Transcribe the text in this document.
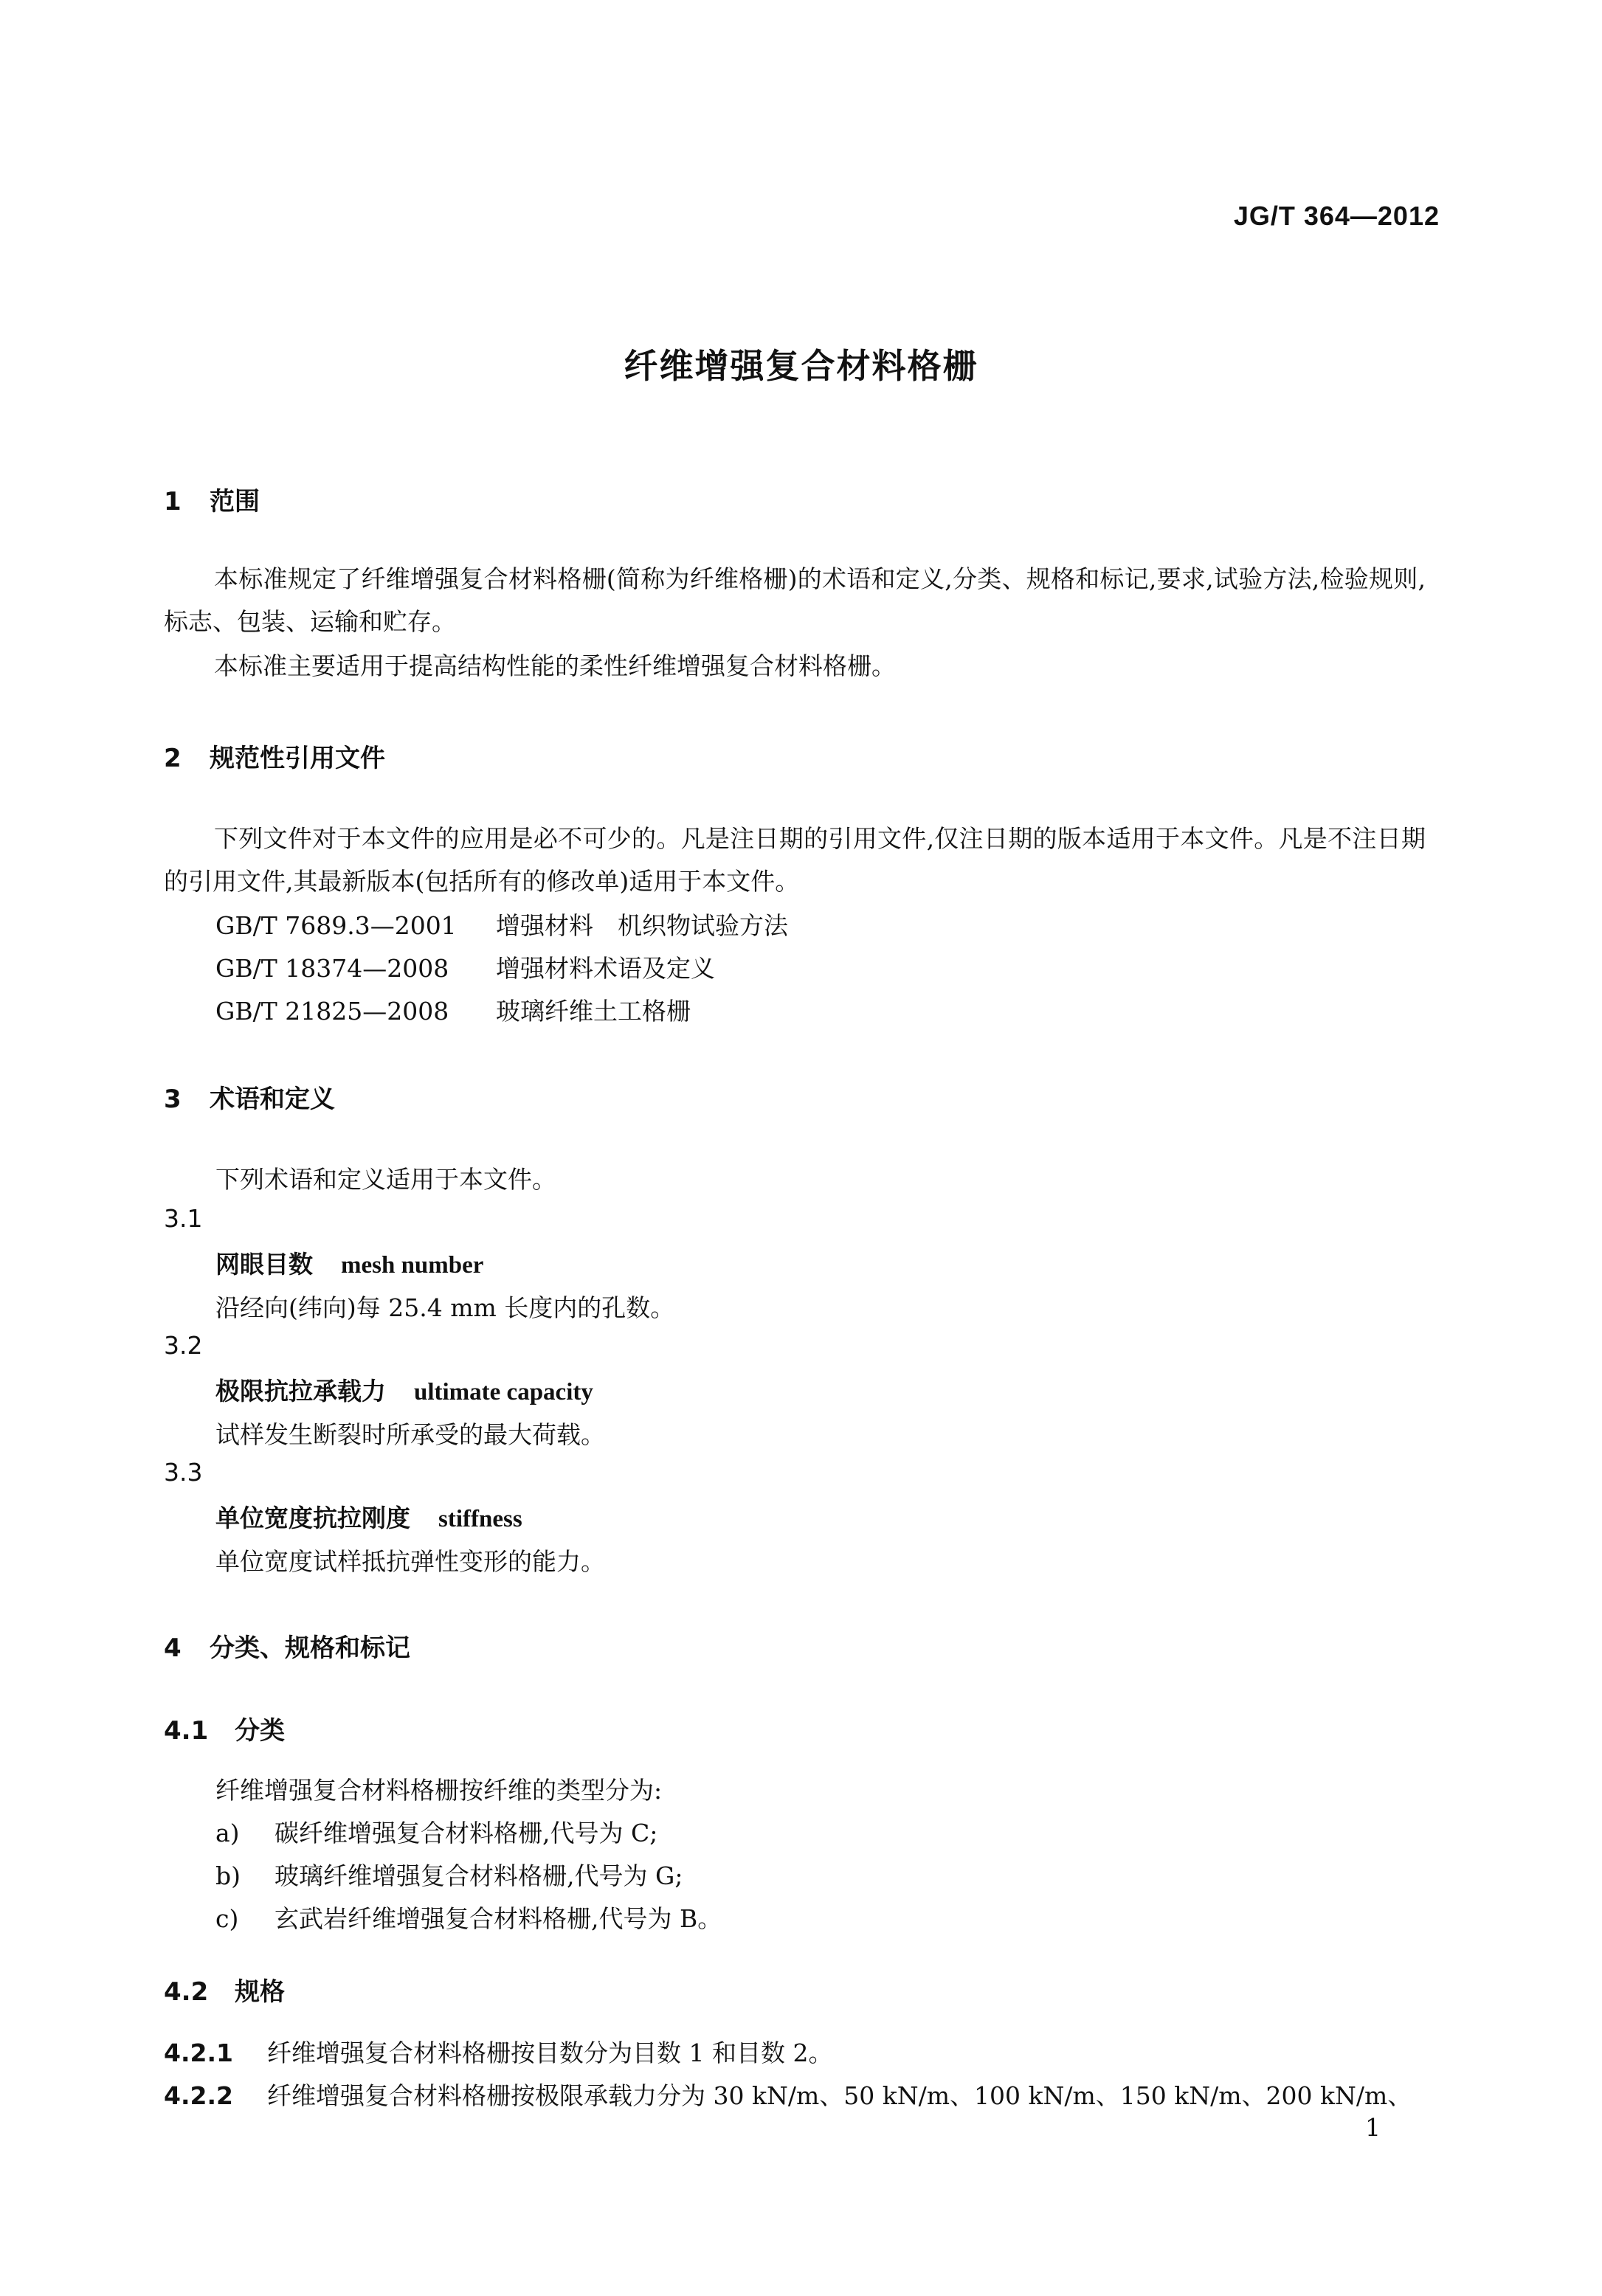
JG/T 364—2012
纤维增强复合材料格栅
1 范围
本标准规定了纤维增强复合材料格栅(简称为纤维格栅)的术语和定义,分类、规格和标记,要求,试验方法,检验规则,标志、包装、运输和贮存。
本标准主要适用于提高结构性能的柔性纤维增强复合材料格栅。
2 规范性引用文件
下列文件对于本文件的应用是必不可少的。凡是注日期的引用文件,仅注日期的版本适用于本文件。凡是不注日期的引用文件,其最新版本(包括所有的修改单)适用于本文件。
GB/T 7689.3—2001 增强材料　机织物试验方法
GB/T 18374—2008 增强材料术语及定义
GB/T 21825—2008 玻璃纤维土工格栅
3 术语和定义
下列术语和定义适用于本文件。
3.1
网眼目数 mesh number
沿经向(纬向)每 25.4 mm 长度内的孔数。
3.2
极限抗拉承载力 ultimate capacity
试样发生断裂时所承受的最大荷载。
3.3
单位宽度抗拉刚度 stiffness
单位宽度试样抵抗弹性变形的能力。
4 分类、规格和标记
4.1 分类
纤维增强复合材料格栅按纤维的类型分为:
a) 碳纤维增强复合材料格栅,代号为 C;
b) 玻璃纤维增强复合材料格栅,代号为 G;
c) 玄武岩纤维增强复合材料格栅,代号为 B。
4.2 规格
4.2.1 纤维增强复合材料格栅按目数分为目数 1 和目数 2。
4.2.2 纤维增强复合材料格栅按极限承载力分为 30 kN/m、50 kN/m、100 kN/m、150 kN/m、200 kN/m、
1
